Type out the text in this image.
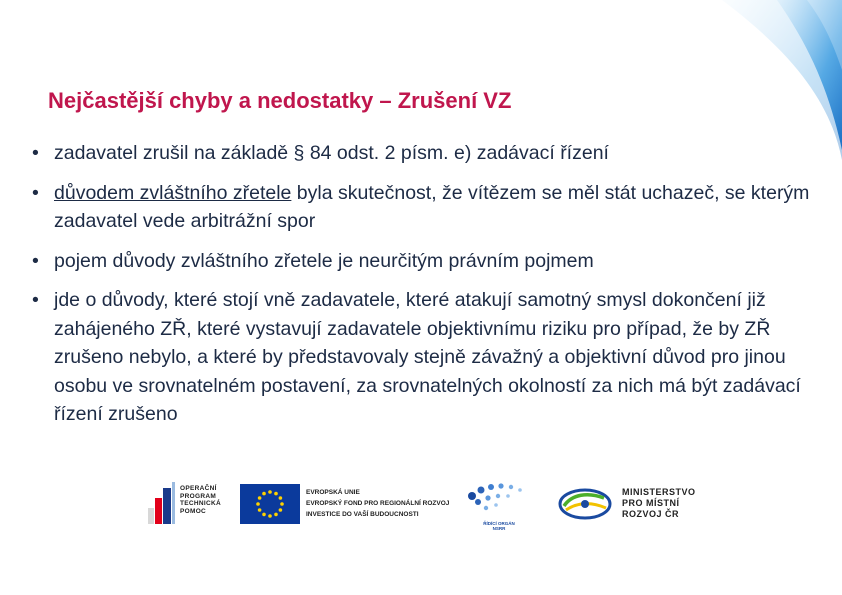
Nejčastější chyby a nedostatky – Zrušení VZ
• zadavatel zrušil na základě § 84 odst. 2 písm. e) zadávací řízení
• důvodem zvláštního zřetele byla skutečnost, že vítězem se měl stát uchazeč, se kterým zadavatel vede arbitrážní spor
• pojem důvody zvláštního zřetele je neurčitým právním pojmem
• jde o důvody, které stojí vně zadavatele, které atakují samotný smysl dokončení již zahájeného ZŘ, které vystavují zadavatele objektivnímu riziku pro případ, že by ZŘ zrušeno nebylo, a které by představovaly stejně závažný a objektivní důvod pro jinou osobu ve srovnatelném postavení, za srovnatelných okolností za nich má být zadávací řízení zrušeno
OPERAČNÍ
PROGRAM
TECHNICKÁ
POMOC
EVROPSKÁ UNIE
EVROPSKÝ FOND PRO REGIONÁLNÍ ROZVOJ
INVESTICE DO VAŠÍ BUDOUCNOSTI
ŘÍDÍCÍ ORGÁN
NSRR
MINISTERSTVO
PRO MÍSTNÍ
ROZVOJ ČR
